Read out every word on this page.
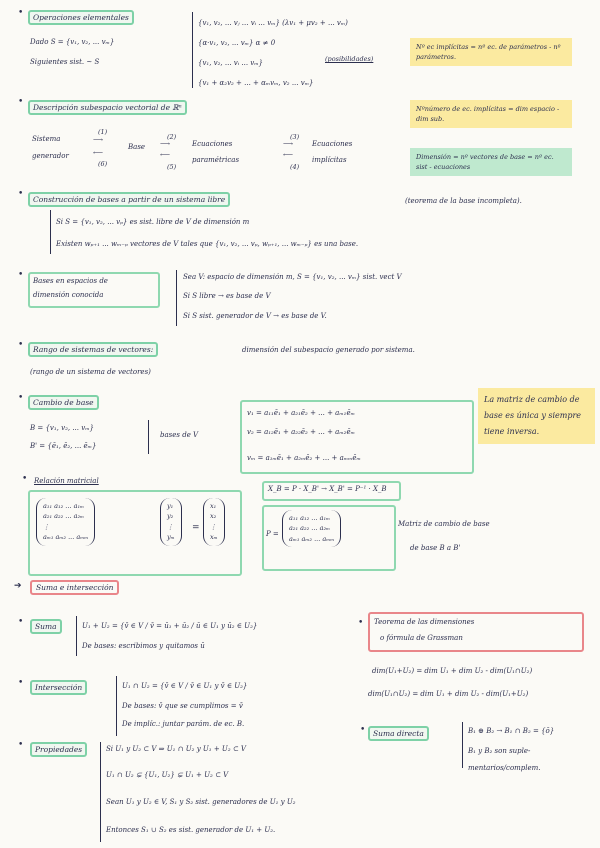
•	Operaciones elementales
Dado S = {v₁, v₂, ... vₘ}
Siguientes sist. ~ S
{v₁, v₂, ... vⱼ ... vᵢ ... vₘ} (λv₁ + μv₂ + ... vₘ)
{α·v₁, v₂, ... vₘ} α ≠ 0
{v₁, v₂, ... vᵢ ... vₘ}
{v₁ + α₂v₂ + ... + αₘvₘ, v₂ ... vₘ}
(posibilidades)
Nº ec implícitas = nº ec. de parámetros - nº parámetros.
•
Descripción subespacio vectorial de ℝⁿ
Sistema
generador
(1)
⟶
⟵
(6)
Base
(2)
⟶
⟵
(5)
Ecuaciones
paramétricas
(3)
⟶
⟵
(4)
Ecuaciones
implícitas
Nºnúmero de ec. implícitas = dim espacio - dim sub.
Dimensión = nº vectores de base = nº ec. sist - ecuaciones
•
Construcción de bases a partir de un sistema libre	(teorema de la base incompleta).
Si S = {v₁, v₂, ... vₚ} es sist. libre de V de dimensión m
Existen wₚ₊₁ ... wₘ₋ₚ vectores de V tales que {v₁, v₂, ... vₚ, wₚ₊₁, ... wₘ₋ₚ} es una base.
•
Bases en espacios de
dimensión conocida
Sea V: espacio de dimensión m, S = {v₁, v₂, ... vₘ} sist. vect V
Si S libre → es base de V
Si S sist. generador de V → es base de V.
•	Rango de sistemas de vectores:	dimensión del subespacio generado por sistema.
(rango de un sistema de vectores)
•	Cambio de base
B = {v₁, v₂, ... vₘ}
B' = {ē₁, ē₂, ... ēₘ}
bases de V
v₁ = a₁₁ē₁ + a₂₁ē₂ + ... + aₘ₁ēₘ
v₂ = a₁₂ē₁ + a₂₂ē₂ + ... + aₘ₂ēₘ
vₘ = a₁ₘē₁ + a₂ₘē₂ + ... + aₘₘēₘ
La matriz de cambio de base es única y siempre tiene inversa.
• Relación matricial
a₁₁ a₁₂ ... a₁ₘ
a₂₁ a₂₂ ... a₂ₘ
⋮
aₘ₁ aₘ₂ ... aₘₘ
y₁
y₂
⋮
yₘ
=
x₁
x₂
⋮
xₘ
X_B = P · X_B' → X_B' = P⁻¹ · X_B
P =
a₁₁ a₁₂ ... a₁ₘ
a₂₁ a₂₂ ... a₂ₘ
aₘ₁ aₘ₂ ... aₘₘ
Matriz de cambio de base
de base B a B'
➔	Suma e intersección
•	Suma	U₁ + U₂ = {v̄ ∈ V / v̄ = ū₁ + ū₂ / ū ∈ U₁ y ū₂ ∈ U₂}
De bases: escribimos y quitamos ū
•	Intersección	U₁ ∩ U₂ = {v̄ ∈ V / v̄ ∈ U₁ y v̄ ∈ U₂}
De bases: v̄ que se cumplimos = v̄
De implíc.: juntar parám. de ec. B.
•	Propiedades	Si U₁ y U₂ ⊂ V ⇒ U₁ ∩ U₂ y U₁ + U₂ ⊂ V
U₁ ∩ U₂ ⊊ {U₁, U₂} ⊊ U₁ + U₂ ⊂ V
Sean U₁ y U₂ ∈ V, S₁ y S₂ sist. generadores de U₁ y U₂
Entonces S₁ ∪ S₂ es sist. generador de U₁ + U₂.
• Teorema de las dimensiones
o fórmula de Grassman
dim(U₁+U₂) = dim U₁ + dim U₂ - dim(U₁∩U₂)
dim(U₁∩U₂) = dim U₁ + dim U₂ - dim(U₁+U₂)
•	Suma directa	B₁ ⊕ B₂ → B₁ ∩ B₂ = {ō}
B₁ y B₂ son suple-
mentarios/complem.
